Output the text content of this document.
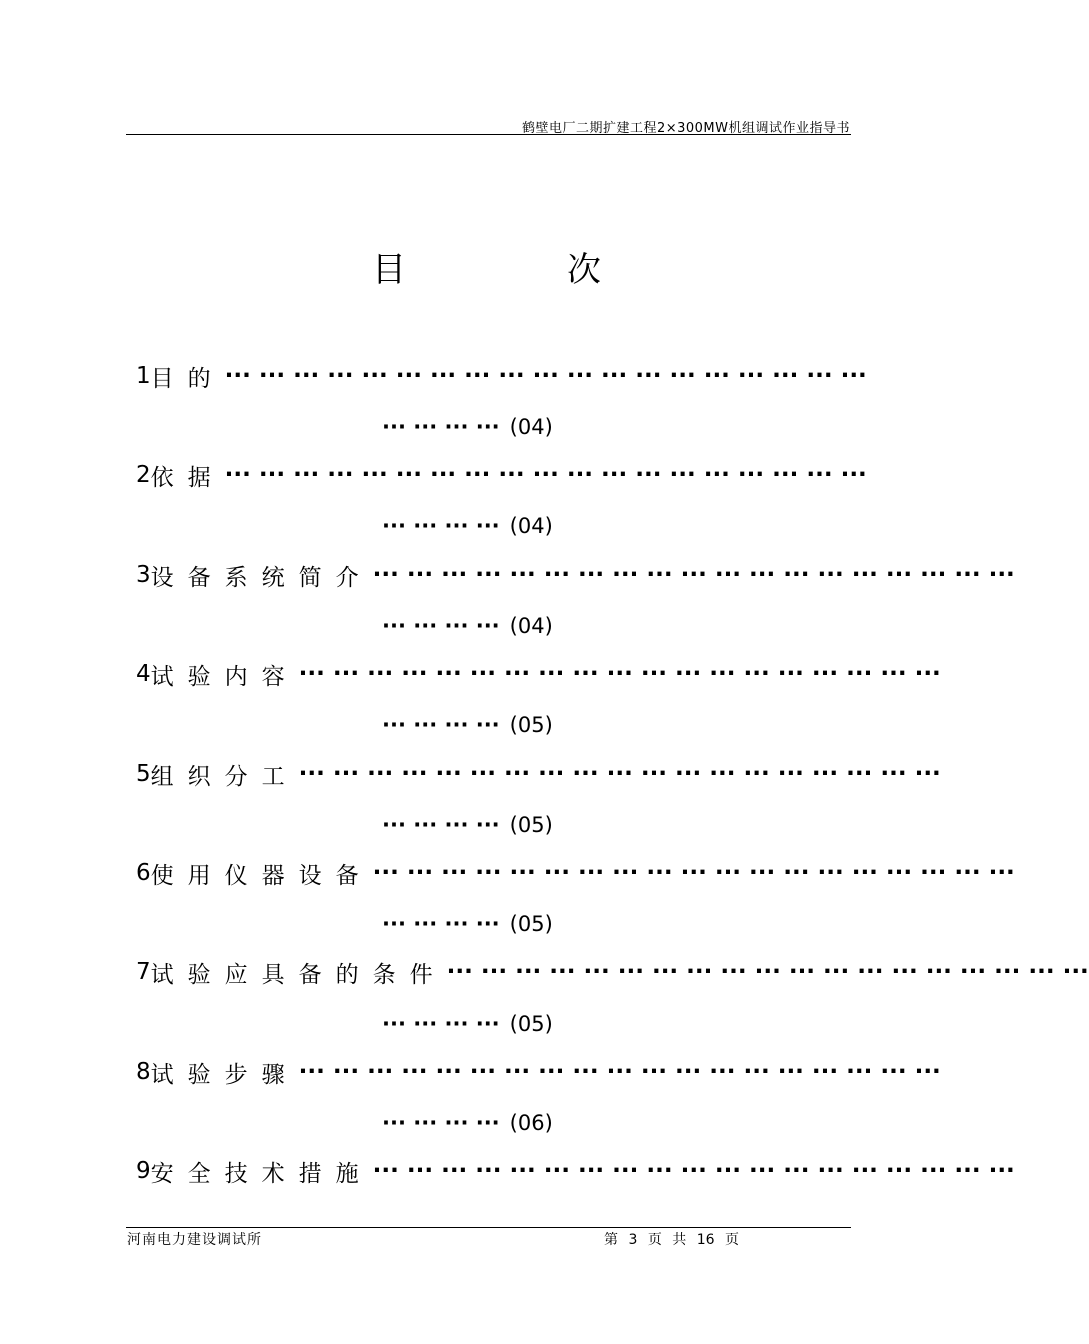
鹤壁电厂二期扩建工程2×300MW机组调试作业指导书
目	次
1 目的 ··· ··· ··· ··· ··· ··· ··· ··· ··· ··· ··· ··· ··· ··· ··· ··· ··· ··· ···
··· ··· ··· ··· (04)
2 依据 ··· ··· ··· ··· ··· ··· ··· ··· ··· ··· ··· ··· ··· ··· ··· ··· ··· ··· ···
··· ··· ··· ··· (04)
3 设备系统简介 ··· ··· ··· ··· ··· ··· ··· ··· ··· ··· ··· ··· ··· ··· ··· ··· ··· ··· ···
··· ··· ··· ··· (04)
4 试验内容 ··· ··· ··· ··· ··· ··· ··· ··· ··· ··· ··· ··· ··· ··· ··· ··· ··· ··· ···
··· ··· ··· ··· (05)
5 组织分工 ··· ··· ··· ··· ··· ··· ··· ··· ··· ··· ··· ··· ··· ··· ··· ··· ··· ··· ···
··· ··· ··· ··· (05)
6 使用仪器设备 ··· ··· ··· ··· ··· ··· ··· ··· ··· ··· ··· ··· ··· ··· ··· ··· ··· ··· ···
··· ··· ··· ··· (05)
7 试验应具备的条件 ··· ··· ··· ··· ··· ··· ··· ··· ··· ··· ··· ··· ··· ··· ··· ··· ··· ··· ···
··· ··· ··· ··· (05)
8 试验步骤 ··· ··· ··· ··· ··· ··· ··· ··· ··· ··· ··· ··· ··· ··· ··· ··· ··· ··· ···
··· ··· ··· ··· (06)
9 安全技术措施 ··· ··· ··· ··· ··· ··· ··· ··· ··· ··· ··· ··· ··· ··· ··· ··· ··· ··· ···
河南电力建设调试所	第 3 页 共 16 页
